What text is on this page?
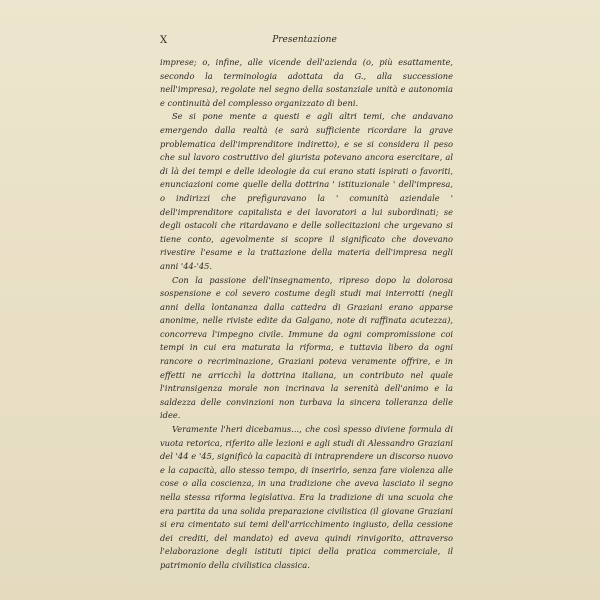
X	Presentazione

imprese; o, infine, alle vicende dell'azienda (o, più esattamente, secondo la terminologia adottata da G., alla successione nell'impresa), regolate nel segno della sostanziale unità e autonomia e continuità del complesso organizzato di beni.

Se si pone mente a questi e agli altri temi, che andavano emergendo dalla realtà (e sarà sufficiente ricordare la grave problematica dell'imprenditore indiretto), e se si considera il peso che sul lavoro costruttivo del giurista potevano ancora esercitare, al di là dei tempi e delle ideologie da cui erano stati ispirati o favoriti, enunciazioni come quelle della dottrina ' istituzionale ' dell'impresa, o indirizzi che prefiguravano la ' comunità aziendale ' dell'imprenditore capitalista e dei lavoratori a lui subordinati; se degli ostacoli che ritardavano e delle sollecitazioni che urgevano si tiene conto, agevolmente si scopre il significato che dovevano rivestire l'esame e la trattazione della materia dell'impresa negli anni '44-'45.

Con la passione dell'insegnamento, ripreso dopo la dolorosa sospensione e col severo costume degli studi mai interrotti (negli anni della lontananza dalla cattedra di Graziani erano apparse anonime, nelle riviste edite da Galgano, note di raffinata acutezza), concorreva l'impegno civile. Immune da ogni compromissione coi tempi in cui era maturata la riforma, e tuttavia libero da ogni rancore o recriminazione, Graziani poteva veramente offrire, e in effetti ne arricchì la dottrina italiana, un contributo nel quale l'intransigenza morale non incrinava la serenità dell'animo e la saldezza delle convinzioni non turbava la sincera tolleranza delle idee.

Veramente l'heri dicebamus..., che così spesso diviene formula di vuota retorica, riferito alle lezioni e agli studi di Alessandro Graziani del '44 e '45, significò la capacità di intraprendere un discorso nuovo e la capacità, allo stesso tempo, di inserirlo, senza fare violenza alle cose o alla coscienza, in una tradizione che aveva lasciato il segno nella stessa riforma legislativa. Era la tradizione di una scuola che era partita da una solida preparazione civilistica (il giovane Graziani si era cimentato sui temi dell'arricchimento ingiusto, della cessione dei crediti, del mandato) ed aveva quindi rinvigorito, attraverso l'elaborazione degli istituti tipici della pratica commerciale, il patrimonio della civilistica classica.
